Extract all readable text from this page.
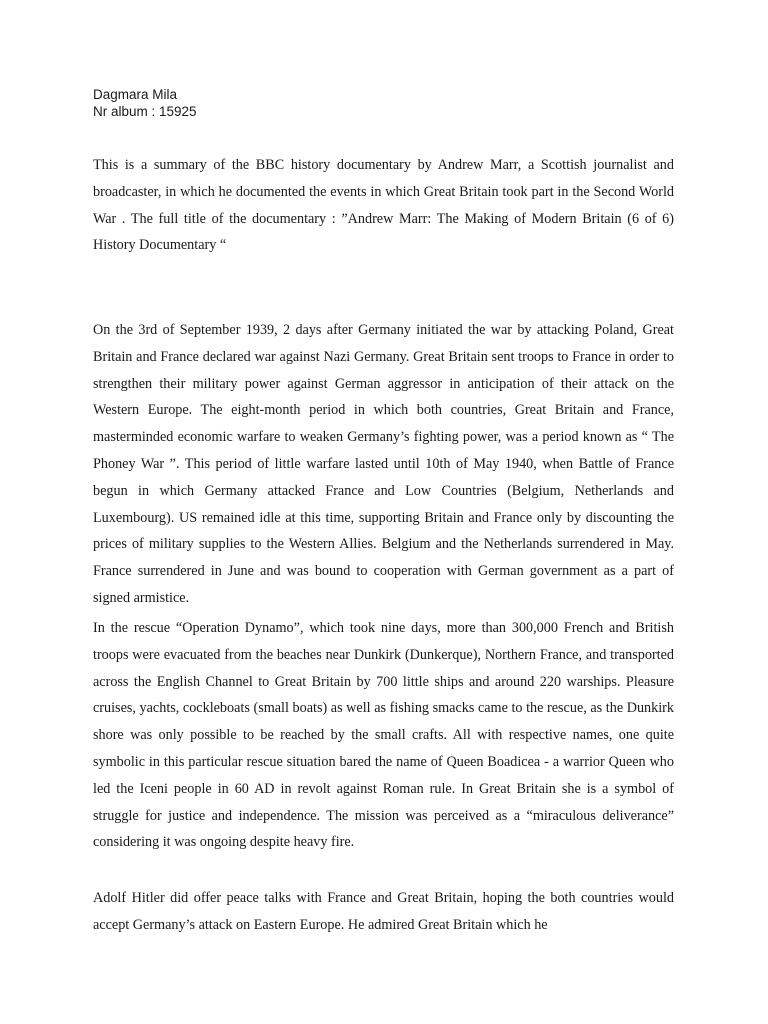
Dagmara Mila
Nr album : 15925
This is a summary of the BBC history documentary by Andrew Marr, a Scottish journalist and broadcaster, in which he documented the events in which Great Britain took part in the Second World War . The full title of the documentary : ”Andrew Marr: The Making of Modern Britain (6 of 6) History Documentary “
On the 3rd of September 1939, 2 days after Germany initiated the war by attacking Poland, Great Britain and France declared war against Nazi Germany. Great Britain sent troops to France in order to strengthen their military power against German aggressor in anticipation of their attack on the Western Europe. The eight-month period in which both countries, Great Britain and France, masterminded economic warfare to weaken Germany’s fighting power, was a period known as “ The Phoney War ”. This period of little warfare lasted until 10th of May 1940, when Battle of France begun in which Germany attacked France and Low Countries (Belgium, Netherlands and Luxembourg). US remained idle at this time, supporting Britain and France only by discounting the prices of military supplies to the Western Allies. Belgium and the Netherlands surrendered in May. France surrendered in June and was bound to cooperation with German government as a part of signed armistice.
In the rescue “Operation Dynamo”, which took nine days, more than 300,000 French and British troops were evacuated from the beaches near Dunkirk (Dunkerque), Northern France, and transported across the English Channel to Great Britain by 700 little ships and around 220 warships. Pleasure cruises, yachts, cockleboats (small boats) as well as fishing smacks came to the rescue, as the Dunkirk shore was only possible to be reached by the small crafts. All with respective names, one quite symbolic in this particular rescue situation bared the name of Queen Boadicea - a warrior Queen who led the Iceni people in 60 AD in revolt against Roman rule. In Great Britain she is a symbol of struggle for justice and independence. The mission was perceived as a “miraculous deliverance” considering it was ongoing despite heavy fire.
Adolf Hitler did offer peace talks with France and Great Britain, hoping the both countries would accept Germany’s attack on Eastern Europe. He admired Great Britain which he
